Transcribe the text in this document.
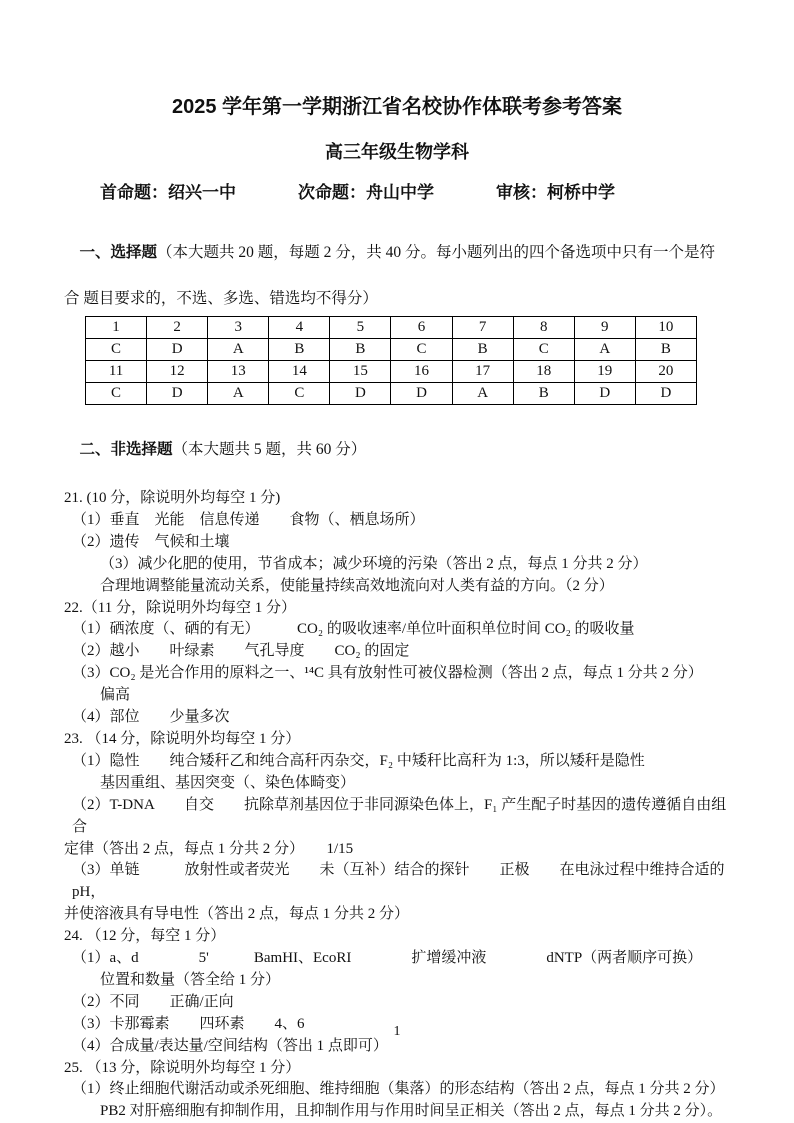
2025 学年第一学期浙江省名校协作体联考参考答案
高三年级生物学科
首命题：绍兴一中	次命题：舟山中学	审核：柯桥中学

一、选择题（本大题共 20 题，每题 2 分，共 40 分。每小题列出的四个备选项中只有一个是符

合 题目要求的，不选、多选、错选均不得分）
1	2	3	4	5	6	7	8	9	10
C	D	A	B	B	C	B	C	A	B
11	12	13	14	15	16	17	18	19	20
C	D	A	C	D	D	A	B	D	D

二、非选择题（本大题共 5 题，共 60 分）

21. (10 分，除说明外均每空 1 分)
（1）垂直　光能　信息传递　　食物（、栖息场所）
（2）遗传　气候和土壤
（3）减少化肥的使用，节省成本；减少环境的污染（答出 2 点，每点 1 分共 2 分）
合理地调整能量流动关系，使能量持续高效地流向对人类有益的方向。（2 分）
22.（11 分，除说明外均每空 1 分）
（1）硒浓度（、硒的有无）　　　CO₂ 的吸收速率/单位叶面积单位时间 CO₂ 的吸收量
（2）越小　　叶绿素　　气孔导度　　CO₂ 的固定
（3）CO₂ 是光合作用的原料之一、¹⁴C 具有放射性可被仪器检测（答出 2 点，每点 1 分共 2 分）
偏高
（4）部位　　少量多次
23. （14 分，除说明外均每空 1 分）
（1）隐性　　纯合矮秆乙和纯合高秆丙杂交，F₂ 中矮秆比高秆为 1:3，所以矮秆是隐性
基因重组、基因突变（、染色体畸变）
（2）T-DNA　　自交　　抗除草剂基因位于非同源染色体上，F₁ 产生配子时基因的遗传遵循自由组合
定律（答出 2 点，每点 1 分共 2 分）　　1/15
（3）单链　　　放射性或者荧光　　未（互补）结合的探针　　正极　　在电泳过程中维持合适的 pH，
并使溶液具有导电性（答出 2 点，每点 1 分共 2 分）
24. （12 分，每空 1 分）
（1）a、d　　　　5'　　　BamHI、EcoRI　　　　扩增缓冲液　　　　dNTP（两者顺序可换）
位置和数量（答全给 1 分）
（2）不同　　正确/正向
（3）卡那霉素　　四环素　　4、6
（4）合成量/表达量/空间结构（答出 1 点即可）
25. （13 分，除说明外均每空 1 分）
（1）终止细胞代谢活动或杀死细胞、维持细胞（集落）的形态结构（答出 2 点，每点 1 分共 2 分）
PB2 对肝癌细胞有抑制作用，且抑制作用与作用时间呈正相关（答出 2 点，每点 1 分共 2 分）。
1
